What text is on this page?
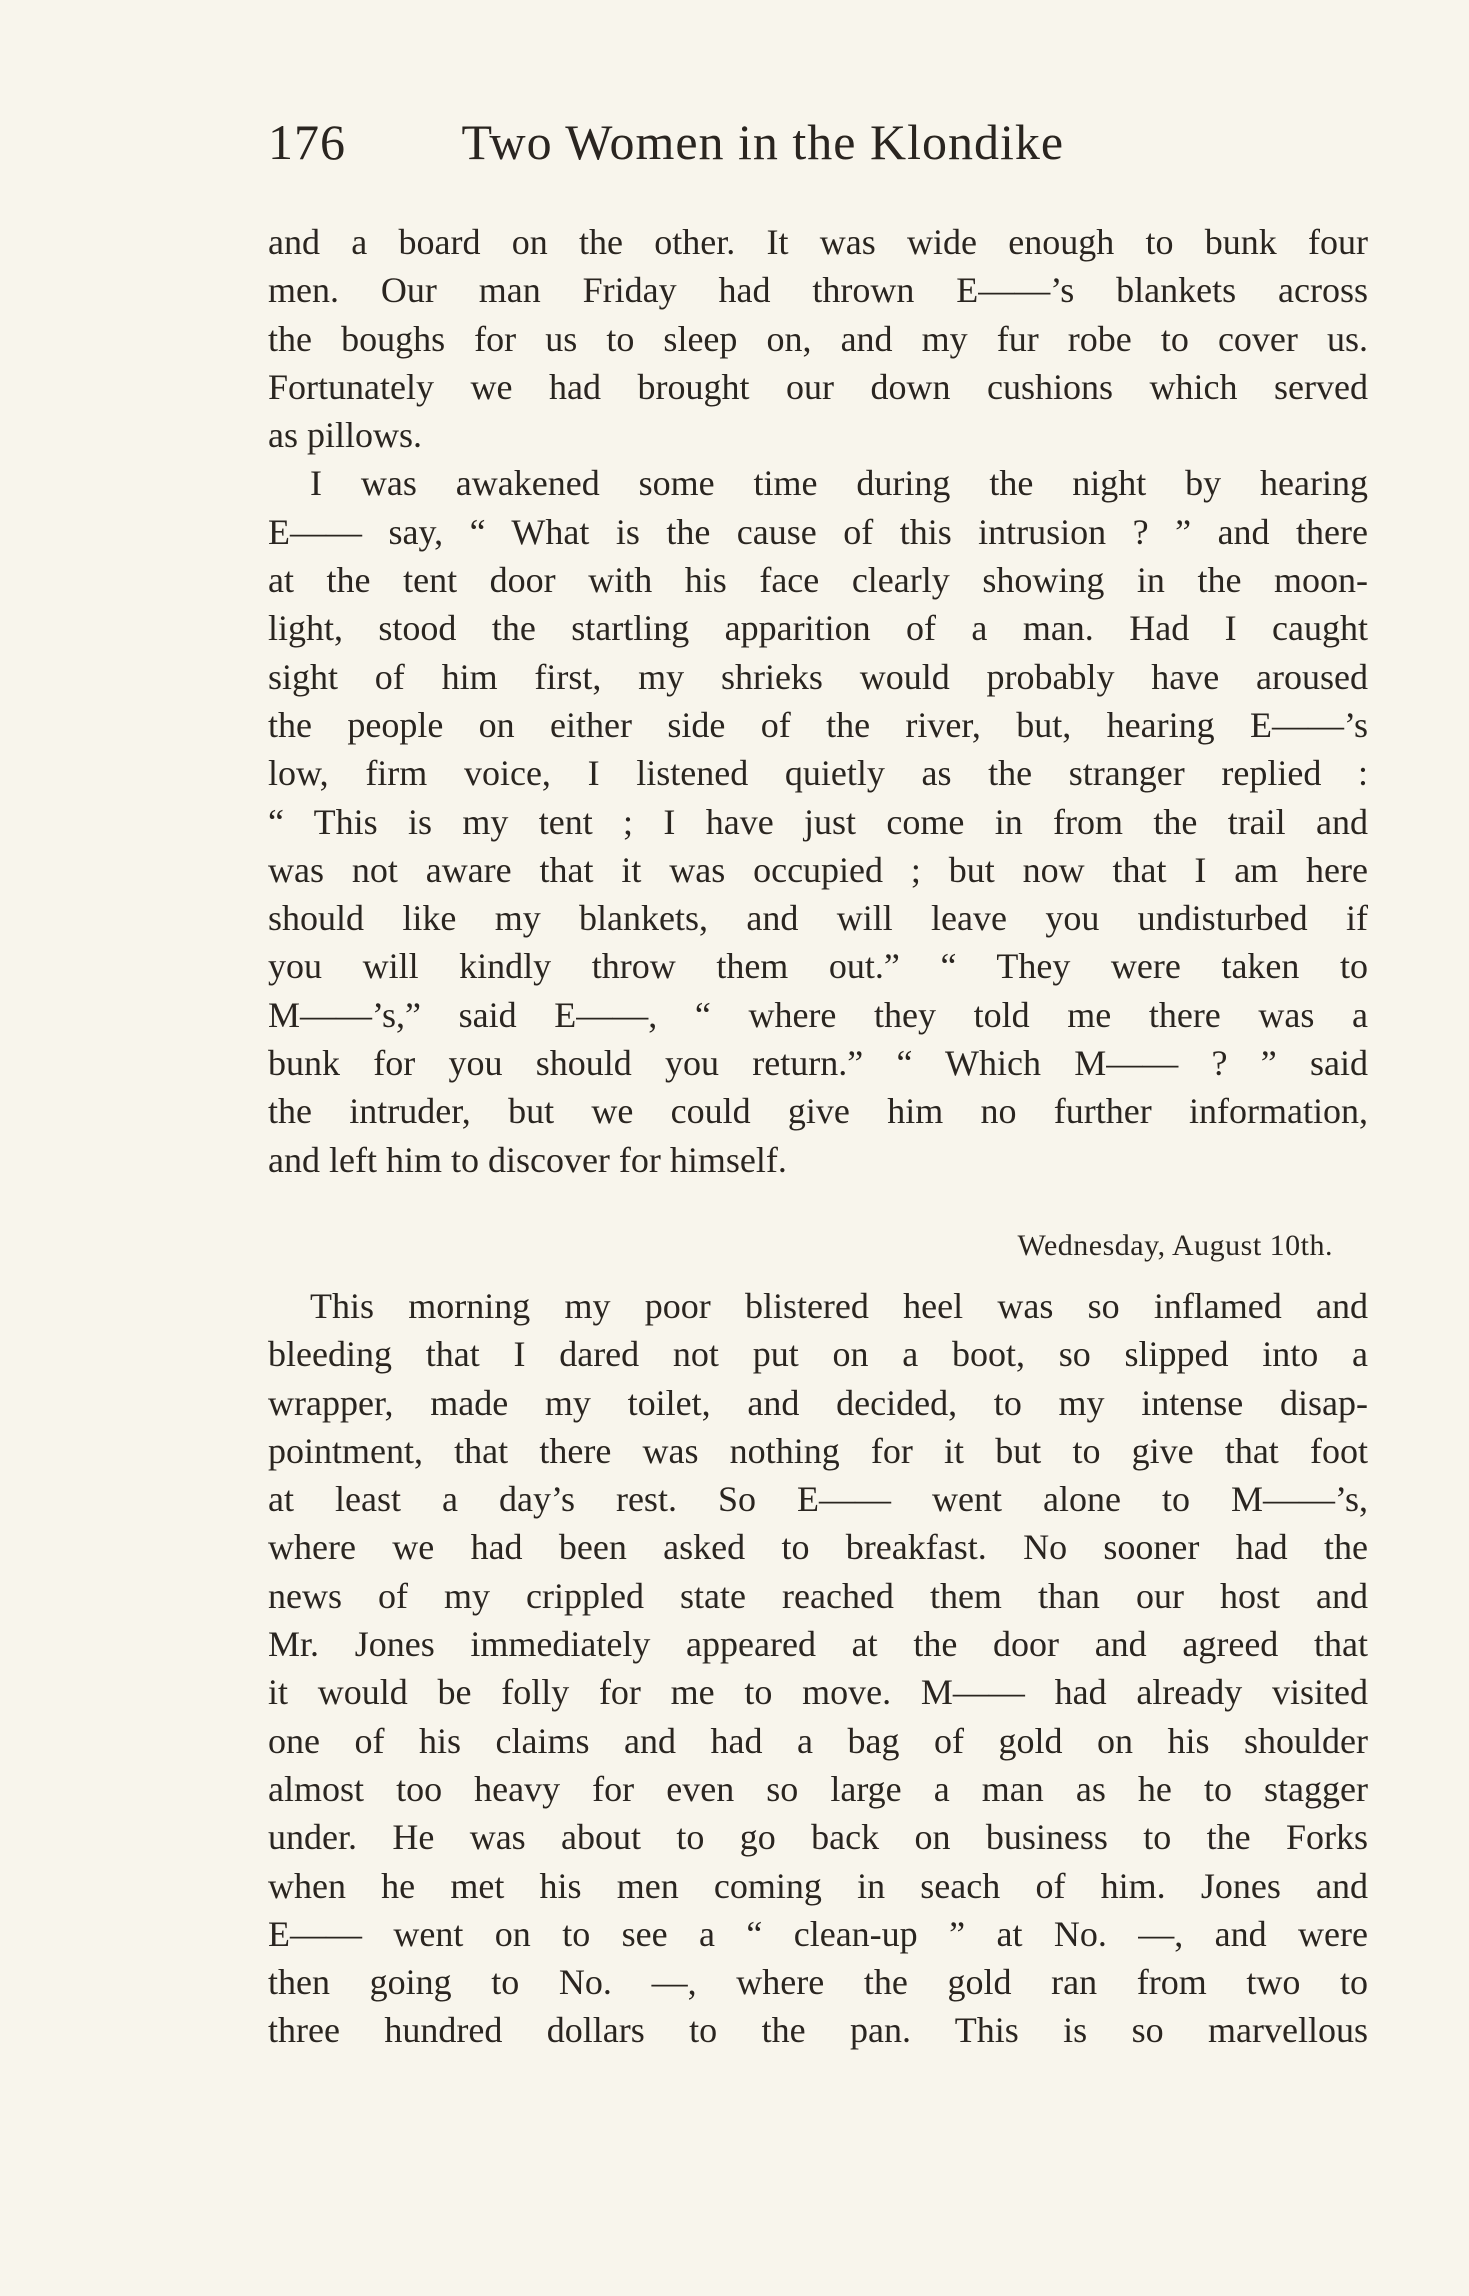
176 Two Women in the Klondike
and a board on the other. It was wide enough to bunk four
men. Our man Friday had thrown E——’s blankets across
the boughs for us to sleep on, and my fur robe to cover us.
Fortunately we had brought our down cushions which served
as pillows.
I was awakened some time during the night by hearing
E—— say, “ What is the cause of this intrusion ? ” and there
at the tent door with his face clearly showing in the moon-
light, stood the startling apparition of a man. Had I caught
sight of him first, my shrieks would probably have aroused
the people on either side of the river, but, hearing E——’s
low, firm voice, I listened quietly as the stranger replied :
“ This is my tent ; I have just come in from the trail and
was not aware that it was occupied ; but now that I am here
should like my blankets, and will leave you undisturbed if
you will kindly throw them out.” “ They were taken to
M——’s,” said E——, “ where they told me there was a
bunk for you should you return.” “ Which M—— ? ” said
the intruder, but we could give him no further information,
and left him to discover for himself.
Wednesday, August 10th.
This morning my poor blistered heel was so inflamed and
bleeding that I dared not put on a boot, so slipped into a
wrapper, made my toilet, and decided, to my intense disap-
pointment, that there was nothing for it but to give that foot
at least a day’s rest. So E—— went alone to M——’s,
where we had been asked to breakfast. No sooner had the
news of my crippled state reached them than our host and
Mr. Jones immediately appeared at the door and agreed that
it would be folly for me to move. M—— had already visited
one of his claims and had a bag of gold on his shoulder
almost too heavy for even so large a man as he to stagger
under. He was about to go back on business to the Forks
when he met his men coming in seach of him. Jones and
E—— went on to see a “ clean-up ” at No. —, and were
then going to No. —, where the gold ran from two to
three hundred dollars to the pan. This is so marvellous
